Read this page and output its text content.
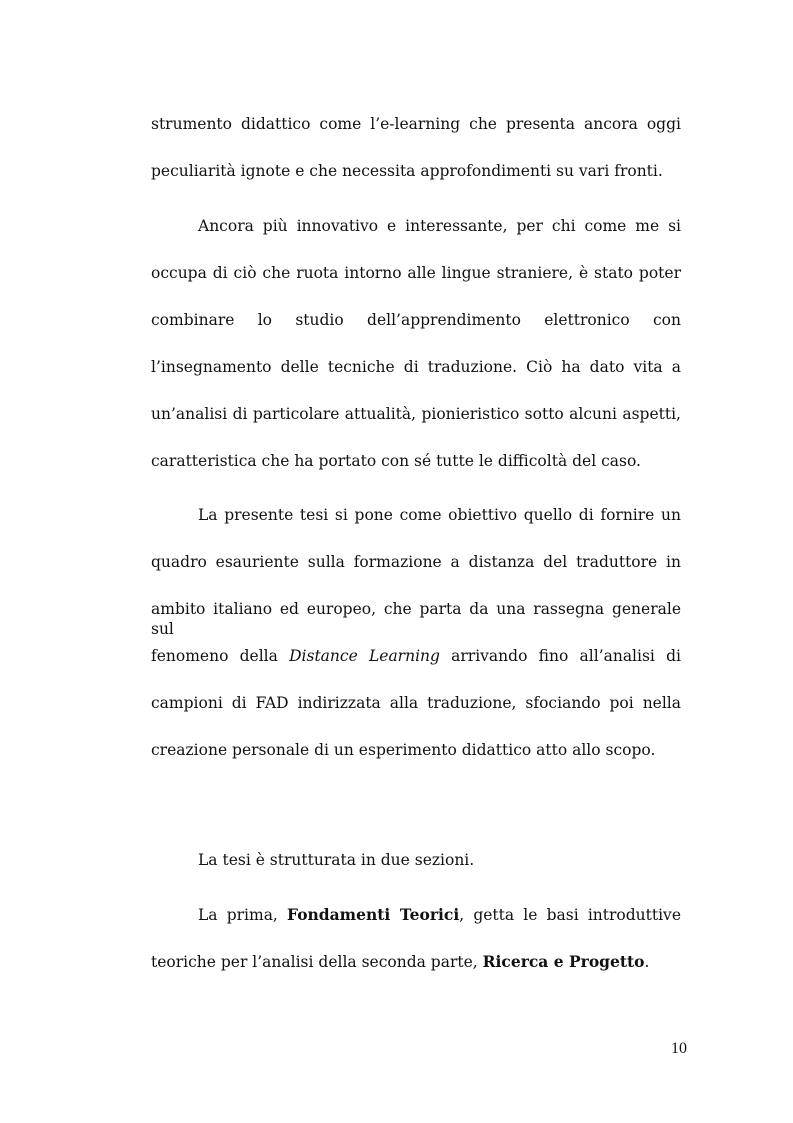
strumento didattico come l’e-learning che presenta ancora oggi
peculiarità ignote e che necessita approfondimenti su vari fronti.
Ancora più innovativo e interessante, per chi come me si
occupa di ciò che ruota intorno alle lingue straniere, è stato poter
combinare lo studio dell’apprendimento elettronico con
l’insegnamento delle tecniche di traduzione. Ciò ha dato vita a
un’analisi di particolare attualità, pionieristico sotto alcuni aspetti,
caratteristica che ha portato con sé tutte le difficoltà del caso.
La presente tesi si pone come obiettivo quello di fornire un
quadro esauriente sulla formazione a distanza del traduttore in
ambito italiano ed europeo, che parta da una rassegna generale sul
fenomeno della Distance Learning arrivando fino all’analisi di
campioni di FAD indirizzata alla traduzione, sfociando poi nella
creazione personale di un esperimento didattico atto allo scopo.
La tesi è strutturata in due sezioni.
La prima, Fondamenti Teorici, getta le basi introduttive
teoriche per l’analisi della seconda parte, Ricerca e Progetto.
10
